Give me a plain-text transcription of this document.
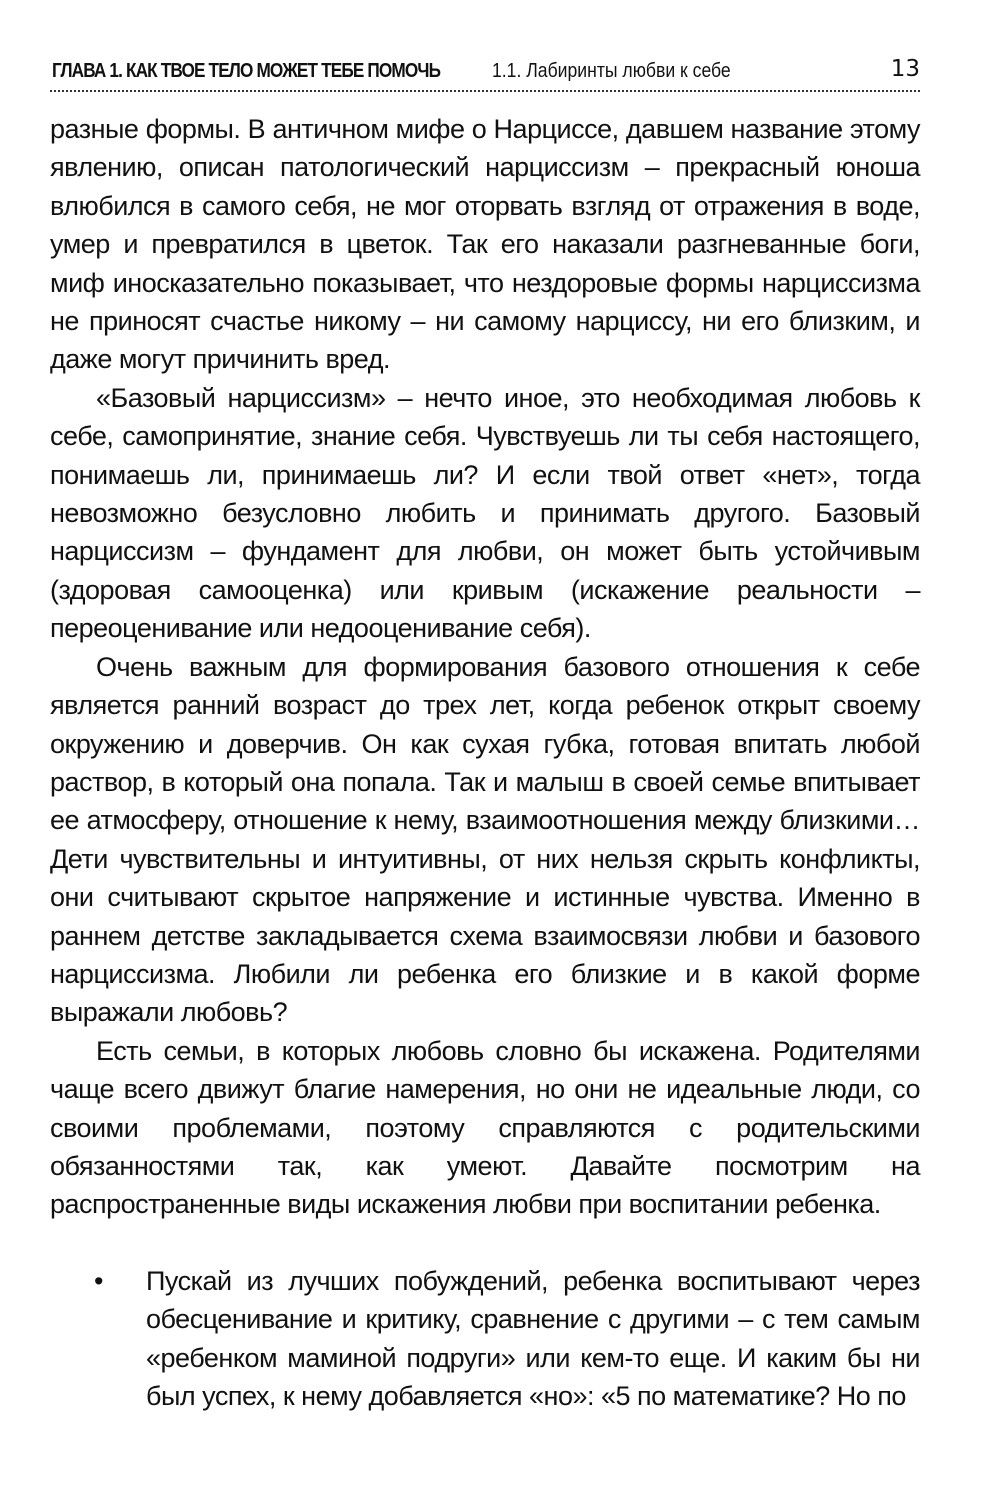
ГЛАВА 1. КАК ТВОЕ ТЕЛО МОЖЕТ ТЕБЕ ПОМОЧЬ	1.1. Лабиринты любви к себе	13

разные формы. В античном мифе о Нарциссе, давшем название этому явлению, описан патологический нарциссизм – прекрасный юноша влюбился в самого себя, не мог оторвать взгляд от отражения в воде, умер и превратился в цветок. Так его наказали разгневанные боги, миф иносказательно показывает, что нездоровые формы нарциссизма не приносят счастье никому – ни самому нарциссу, ни его близким, и даже могут причинить вред.

«Базовый нарциссизм» – нечто иное, это необходимая любовь к себе, самопринятие, знание себя. Чувствуешь ли ты себя настоящего, понимаешь ли, принимаешь ли? И если твой ответ «нет», тогда невозможно безусловно любить и принимать другого. Базовый нарциссизм – фундамент для любви, он может быть устойчивым (здоровая самооценка) или кривым (искажение реальности – переоценивание или недооценивание себя).

Очень важным для формирования базового отношения к себе является ранний возраст до трех лет, когда ребенок открыт своему окружению и доверчив. Он как сухая губка, готовая впитать любой раствор, в который она попала. Так и малыш в своей семье впитывает ее атмосферу, отношение к нему, взаимоотношения между близкими… Дети чувствительны и интуитивны, от них нельзя скрыть конфликты, они считывают скрытое напряжение и истинные чувства. Именно в раннем детстве закладывается схема взаимосвязи любви и базового нарциссизма. Любили ли ребенка его близкие и в какой форме выражали любовь?

Есть семьи, в которых любовь словно бы искажена. Родителями чаще всего движут благие намерения, но они не идеальные люди, со своими проблемами, поэтому справляются с родительскими обязанностями так, как умеют. Давайте посмотрим на распространенные виды искажения любви при воспитании ребенка.

• Пускай из лучших побуждений, ребенка воспитывают через обесценивание и критику, сравнение с другими – с тем самым «ребенком маминой подруги» или кем-то еще. И каким бы ни был успех, к нему добавляется «но»: «5 по математике? Но по
